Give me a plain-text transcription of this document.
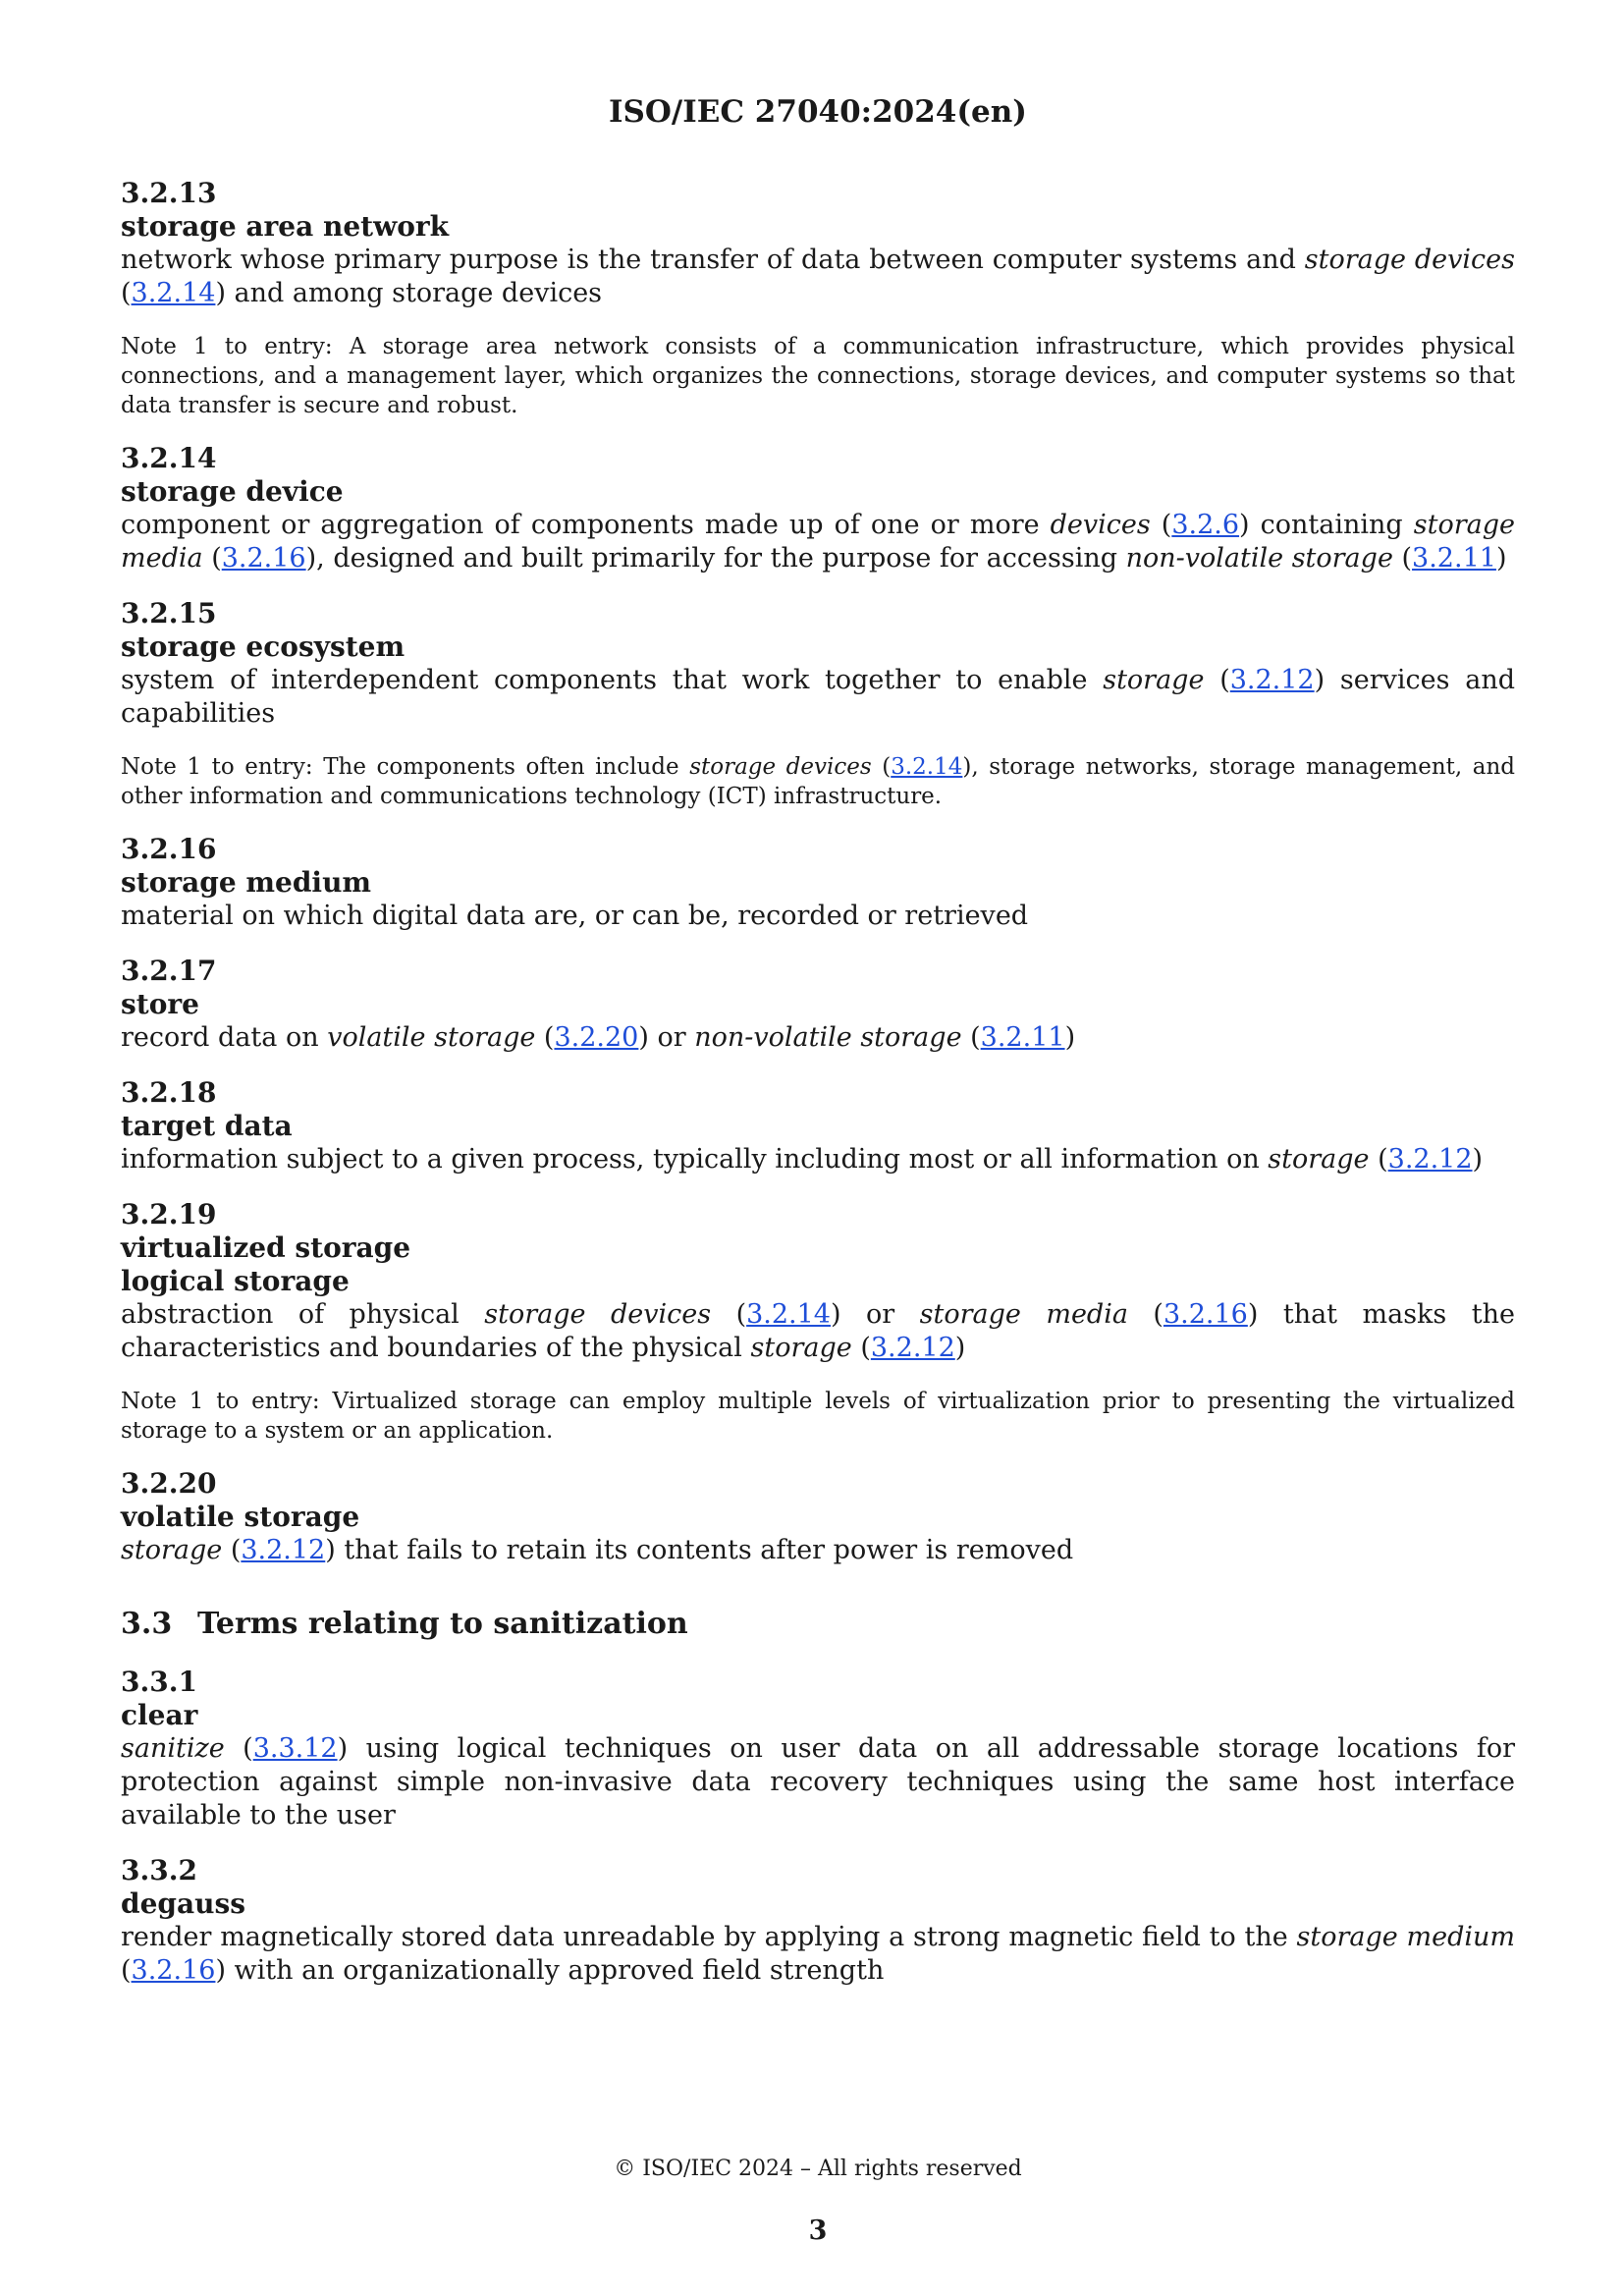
ISO/IEC 27040:2024(en)
3.2.13
storage area network
network whose primary purpose is the transfer of data between computer systems and storage devices (3.2.14) and among storage devices
Note 1 to entry: A storage area network consists of a communication infrastructure, which provides physical connections, and a management layer, which organizes the connections, storage devices, and computer systems so that data transfer is secure and robust.
3.2.14
storage device
component or aggregation of components made up of one or more devices (3.2.6) containing storage media (3.2.16), designed and built primarily for the purpose for accessing non-volatile storage (3.2.11)
3.2.15
storage ecosystem
system of interdependent components that work together to enable storage (3.2.12) services and capabilities
Note 1 to entry: The components often include storage devices (3.2.14), storage networks, storage management, and other information and communications technology (ICT) infrastructure.
3.2.16
storage medium
material on which digital data are, or can be, recorded or retrieved
3.2.17
store
record data on volatile storage (3.2.20) or non-volatile storage (3.2.11)
3.2.18
target data
information subject to a given process, typically including most or all information on storage (3.2.12)
3.2.19
virtualized storage
logical storage
abstraction of physical storage devices (3.2.14) or storage media (3.2.16) that masks the characteristics and boundaries of the physical storage (3.2.12)
Note 1 to entry: Virtualized storage can employ multiple levels of virtualization prior to presenting the virtualized storage to a system or an application.
3.2.20
volatile storage
storage (3.2.12) that fails to retain its contents after power is removed
3.3 Terms relating to sanitization
3.3.1
clear
sanitize (3.3.12) using logical techniques on user data on all addressable storage locations for protection against simple non-invasive data recovery techniques using the same host interface available to the user
3.3.2
degauss
render magnetically stored data unreadable by applying a strong magnetic field to the storage medium (3.2.16) with an organizationally approved field strength
© ISO/IEC 2024 – All rights reserved
3
